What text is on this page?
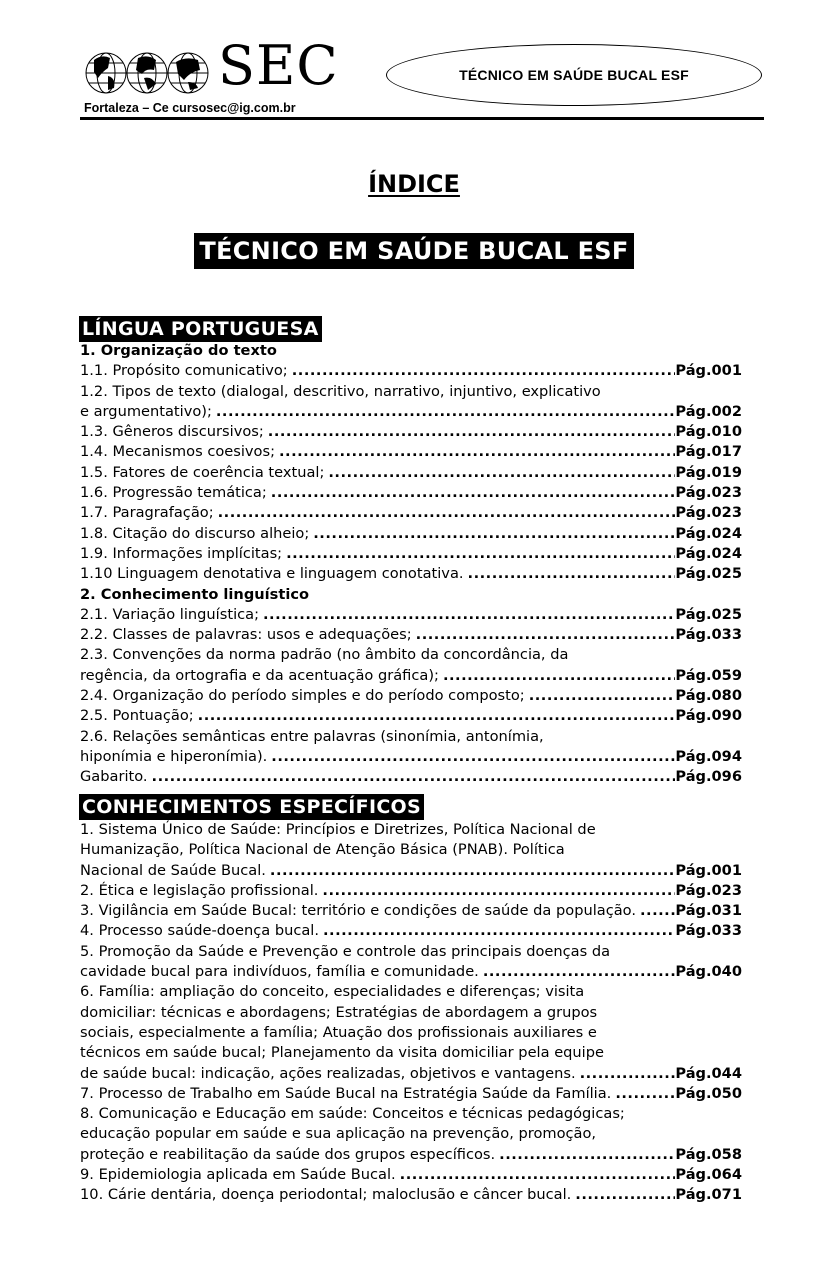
SEC
Fortaleza – Ce cursosec@ig.com.br
TÉCNICO EM SAÚDE BUCAL ESF
ÍNDICE
TÉCNICO EM SAÚDE BUCAL ESF
LÍNGUA PORTUGUESA
1. Organização do texto
1.1. Propósito comunicativo; .....	Pág.001
1.2. Tipos de texto (dialogal, descritivo, narrativo, injuntivo, explicativo
e argumentativo); .....	Pág.002
1.3. Gêneros discursivos; .....	Pág.010
1.4. Mecanismos coesivos; .....	Pág.017
1.5. Fatores de coerência textual; .....	Pág.019
1.6. Progressão temática; .....	Pág.023
1.7. Paragrafação; .....	Pág.023
1.8. Citação do discurso alheio; .....	Pág.024
1.9. Informações implícitas; .....	Pág.024
1.10 Linguagem denotativa e linguagem conotativa. .....	Pág.025
2. Conhecimento linguístico
2.1. Variação linguística; .....	Pág.025
2.2. Classes de palavras: usos e adequações; .....	Pág.033
2.3. Convenções da norma padrão (no âmbito da concordância, da
regência, da ortografia e da acentuação gráfica); .....	Pág.059
2.4. Organização do período simples e do período composto; .....	Pág.080
2.5. Pontuação; .....	Pág.090
2.6. Relações semânticas entre palavras (sinonímia, antonímia,
hiponímia e hiperonímia). .....	Pág.094
Gabarito. .....	Pág.096
CONHECIMENTOS ESPECÍFICOS
1. Sistema Único de Saúde: Princípios e Diretrizes, Política Nacional de
Humanização, Política Nacional de Atenção Básica (PNAB). Política
Nacional de Saúde Bucal. .....	Pág.001
2. Ética e legislação profissional. .....	Pág.023
3. Vigilância em Saúde Bucal: território e condições de saúde da população. .....	Pág.031
4. Processo saúde-doença bucal. .....	Pág.033
5. Promoção da Saúde e Prevenção e controle das principais doenças da
cavidade bucal para indivíduos, família e comunidade. .....	Pág.040
6. Família: ampliação do conceito, especialidades e diferenças; visita
domiciliar: técnicas e abordagens; Estratégias de abordagem a grupos
sociais, especialmente a família; Atuação dos profissionais auxiliares e
técnicos em saúde bucal; Planejamento da visita domiciliar pela equipe
de saúde bucal: indicação, ações realizadas, objetivos e vantagens. .....	Pág.044
7. Processo de Trabalho em Saúde Bucal na Estratégia Saúde da Família. .....	Pág.050
8. Comunicação e Educação em saúde: Conceitos e técnicas pedagógicas;
educação popular em saúde e sua aplicação na prevenção, promoção,
proteção e reabilitação da saúde dos grupos específicos. .....	Pág.058
9. Epidemiologia aplicada em Saúde Bucal. .....	Pág.064
10. Cárie dentária, doença periodontal; maloclusão e câncer bucal. .....	Pág.071
